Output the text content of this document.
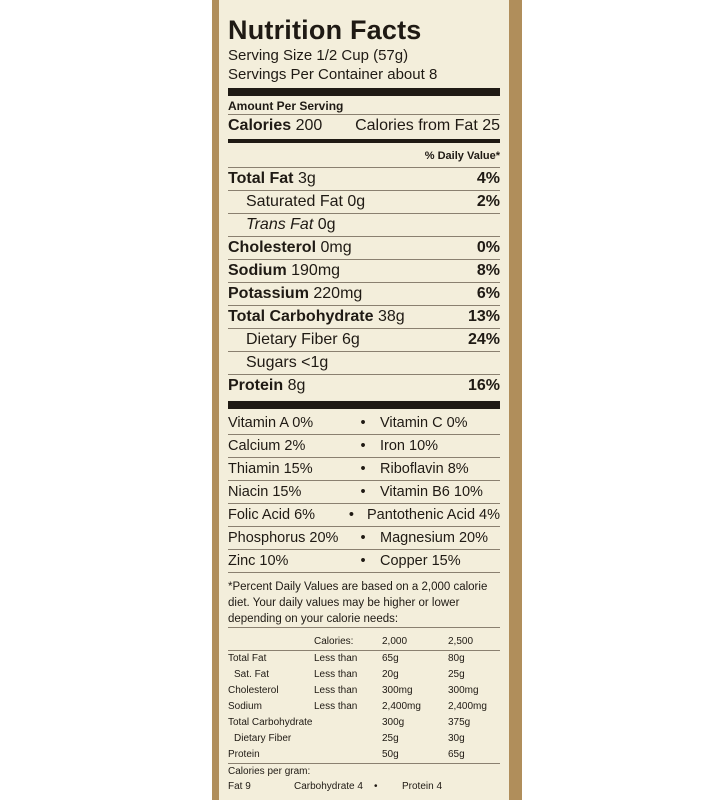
Nutrition Facts
Serving Size 1/2 Cup (57g)
Servings Per Container about 8
Amount Per Serving
Calories 200 Calories from Fat 25
% Daily Value*
Total Fat 3g	4%
Saturated Fat 0g	2%
Trans Fat 0g
Cholesterol 0mg	0%
Sodium 190mg	8%
Potassium 220mg	6%
Total Carbohydrate 38g	13%
Dietary Fiber 6g	24%
Sugars <1g
Protein 8g	16%
Vitamin A 0%	• Vitamin C 0%
Calcium 2%	• Iron 10%
Thiamin 15%	• Riboflavin 8%
Niacin 15%	• Vitamin B6 10%
Folic Acid 6%	• Pantothenic Acid 4%
Phosphorus 20%	• Magnesium 20%
Zinc 10%	• Copper 15%
*Percent Daily Values are based on a 2,000 calorie diet. Your daily values may be higher or lower depending on your calorie needs:
	Calories:	2,000	2,500

Total Fat	Less than	65g	80g
Sat. Fat	Less than	20g	25g
Cholesterol	Less than	300mg	300mg
Sodium	Less than	2,400mg	2,400mg
Total Carbohydrate		300g	375g
Dietary Fiber		25g	30g
Protein		50g	65g
Calories per gram:
Fat 9	Carbohydrate 4	•	Protein 4
